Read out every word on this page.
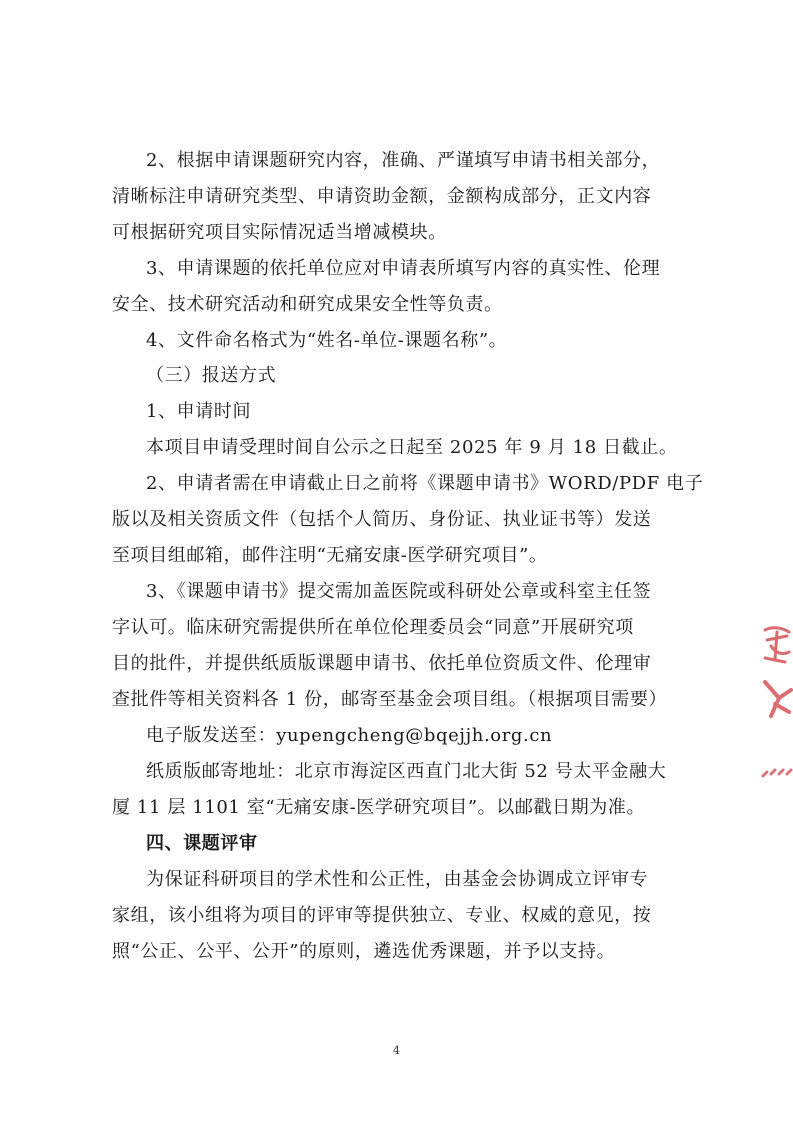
2、根据申请课题研究内容，准确、严谨填写申请书相关部分，
清晰标注申请研究类型、申请资助金额，金额构成部分，正文内容
可根据研究项目实际情况适当增减模块。
3、申请课题的依托单位应对申请表所填写内容的真实性、伦理
安全、技术研究活动和研究成果安全性等负责。
4、文件命名格式为“姓名-单位-课题名称”。
（三）报送方式
1、申请时间
本项目申请受理时间自公示之日起至 2025 年 9 月 18 日截止。
2、申请者需在申请截止日之前将《课题申请书》WORD/PDF 电子
版以及相关资质文件（包括个人简历、身份证、执业证书等）发送
至项目组邮箱，邮件注明“无痛安康-医学研究项目”。
3、《课题申请书》提交需加盖医院或科研处公章或科室主任签
字认可。临床研究需提供所在单位伦理委员会“同意”开展研究项
目的批件，并提供纸质版课题申请书、依托单位资质文件、伦理审
查批件等相关资料各 1 份，邮寄至基金会项目组。（根据项目需要）
电子版发送至：yupengcheng@bqejjh.org.cn
纸质版邮寄地址：北京市海淀区西直门北大街 52 号太平金融大
厦 11 层 1101 室“无痛安康-医学研究项目”。以邮戳日期为准。
四、课题评审
为保证科研项目的学术性和公正性，由基金会协调成立评审专
家组，该小组将为项目的评审等提供独立、专业、权威的意见，按
照“公正、公平、公开”的原则，遴选优秀课题，并予以支持。
4
